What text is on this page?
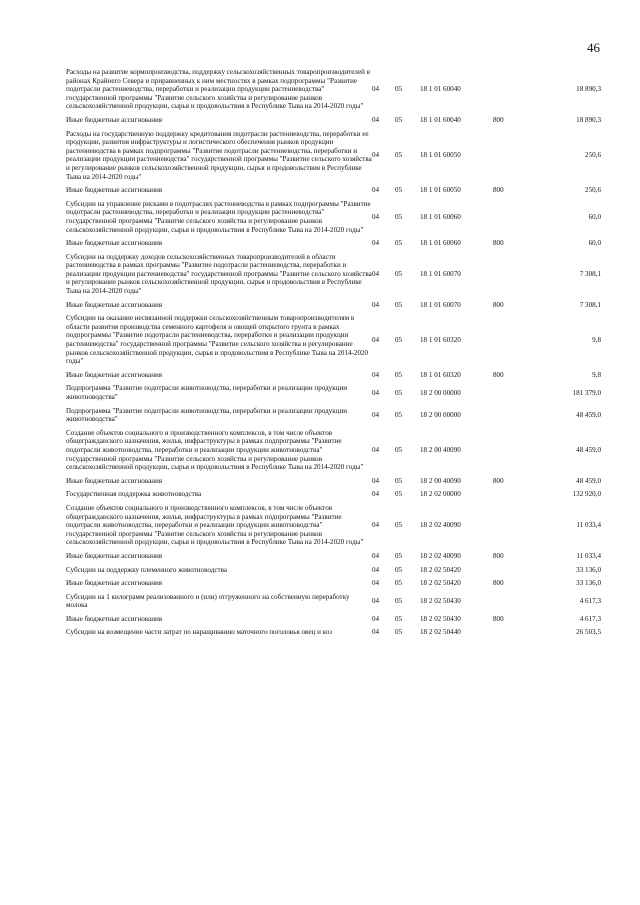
46
Расходы на развитие кормопроизводства, поддержку сельскохозяйственных товаропроизводителей в районах Крайнего Севера и приравненных к ним местностях в рамках подпрограммы "Развитие подотрасли растениеводства, переработки и реализации продукции растениеводства" государственной программы "Развитие сельского хозяйства и регулирование рынков сельскохозяйственной продукции, сырья и продовольствия в Республике Тыва на 2014-2020 годы"	04	05	18 1 01 60040		18 890,3

Иные бюджетные ассигнования	04	05	18 1 01 60040	800	18 890,3

Расходы на государственную поддержку кредитования подотрасли растениеводства, переработки ее продукции, развития инфраструктуры и логистического обеспечения рынков продукции растениеводства в рамках подпрограммы "Развитие подотрасли растениеводства, переработки и реализации продукции растениеводства" государственной программы "Развитие сельского хозяйства и регулирование рынков сельскохозяйственной продукции, сырья и продовольствия в Республике Тыва на 2014-2020 годы"	04	05	18 1 01 60050		250,6

Иные бюджетные ассигнования	04	05	18 1 01 60050	800	250,6

Субсидии на управление рисками в подотраслях растениеводства в рамках подпрограммы "Развитие подотрасли растениеводства, переработки и реализации продукции растениеводства" государственной программы "Развитие сельского хозяйства и регулирование рынков сельскохозяйственной продукции, сырья и продовольствия в Республике Тыва на 2014-2020 годы"	04	05	18 1 01 60060		60,0

Иные бюджетные ассигнования	04	05	18 1 01 60060	800	60,0

Субсидии на поддержку доходов сельскохозяйственных товаропроизводителей в области растениеводства в рамках программы "Развитие подотрасли растениеводства, переработки и реализации продукции растениеводства" государственной программы "Развитие сельского хозяйства и регулирование рынков сельскохозяйственной продукции, сырья и продовольствия в Республике Тыва на 2014-2020 годы"	04	05	18 1 01 60070		7 308,1

Иные бюджетные ассигнования	04	05	18 1 01 60070	800	7 308,1

Субсидии на оказание несвязанной поддержки сельскохозяйственным товаропроизводителям в области развития производства семенного картофеля и овощей открытого грунта в рамках подпрограммы "Развитие подотрасли растениеводства, переработки и реализации продукции растениеводства" государственной программы "Развитие сельского хозяйства и регулирование рынков сельскохозяйственной продукции, сырья и продовольствия в Республике Тыва на 2014-2020 годы"	04	05	18 1 01 60320		9,8

Иные бюджетные ассигнования	04	05	18 1 01 60320	800	9,8

Подпрограмма "Развитие подотрасли животноводства, переработки и реализации продукции животноводства"	04	05	18 2 00 00000		181 379,0

Подпрограмма "Развитие подотрасли животноводства, переработки и реализации продукции животноводства"	04	05	18 2 00 00000		48 459,0

Создание объектов социального и производственного комплексов, в том числе объектов общегражданского назначения, жилья, инфраструктуры в рамках подпрограммы "Развитие подотрасли животноводства, переработки и реализации продукции животноводства" государственной программы "Развитие сельского хозяйства и регулирование рынков сельскохозяйственной продукции, сырья и продовольствия в Республике Тыва на 2014-2020 годы"	04	05	18 2 00 40090		48 459,0

Иные бюджетные ассигнования	04	05	18 2 00 40090	800	48 459,0

Государственная поддержка животноводства	04	05	18 2 02 00000		132 920,0

Создание объектов социального и производственного комплексов, в том числе объектов общегражданского назначения, жилья, инфраструктуры в рамках подпрограммы "Развитие подотрасли животноводства, переработки и реализации продукции животноводства" государственной программы "Развитие сельского хозяйства и регулирование рынков сельскохозяйственной продукции, сырья и продовольствия в Республике Тыва на 2014-2020 годы"	04	05	18 2 02 40090		11 033,4

Иные бюджетные ассигнования	04	05	18 2 02 40090	800	11 033,4

Субсидии на поддержку племенного животноводства	04	05	18 2 02 50420		33 136,0

Иные бюджетные ассигнования	04	05	18 2 02 50420	800	33 136,0

Субсидии на 1 килограмм реализованного и (или) отгруженного на собственную переработку молока	04	05	18 2 02 50430		4 617,3

Иные бюджетные ассигнования	04	05	18 2 02 50430	800	4 617,3

Субсидии на возмещение части затрат по наращиванию маточного поголовья овец и коз	04	05	18 2 02 50440		26 503,5
